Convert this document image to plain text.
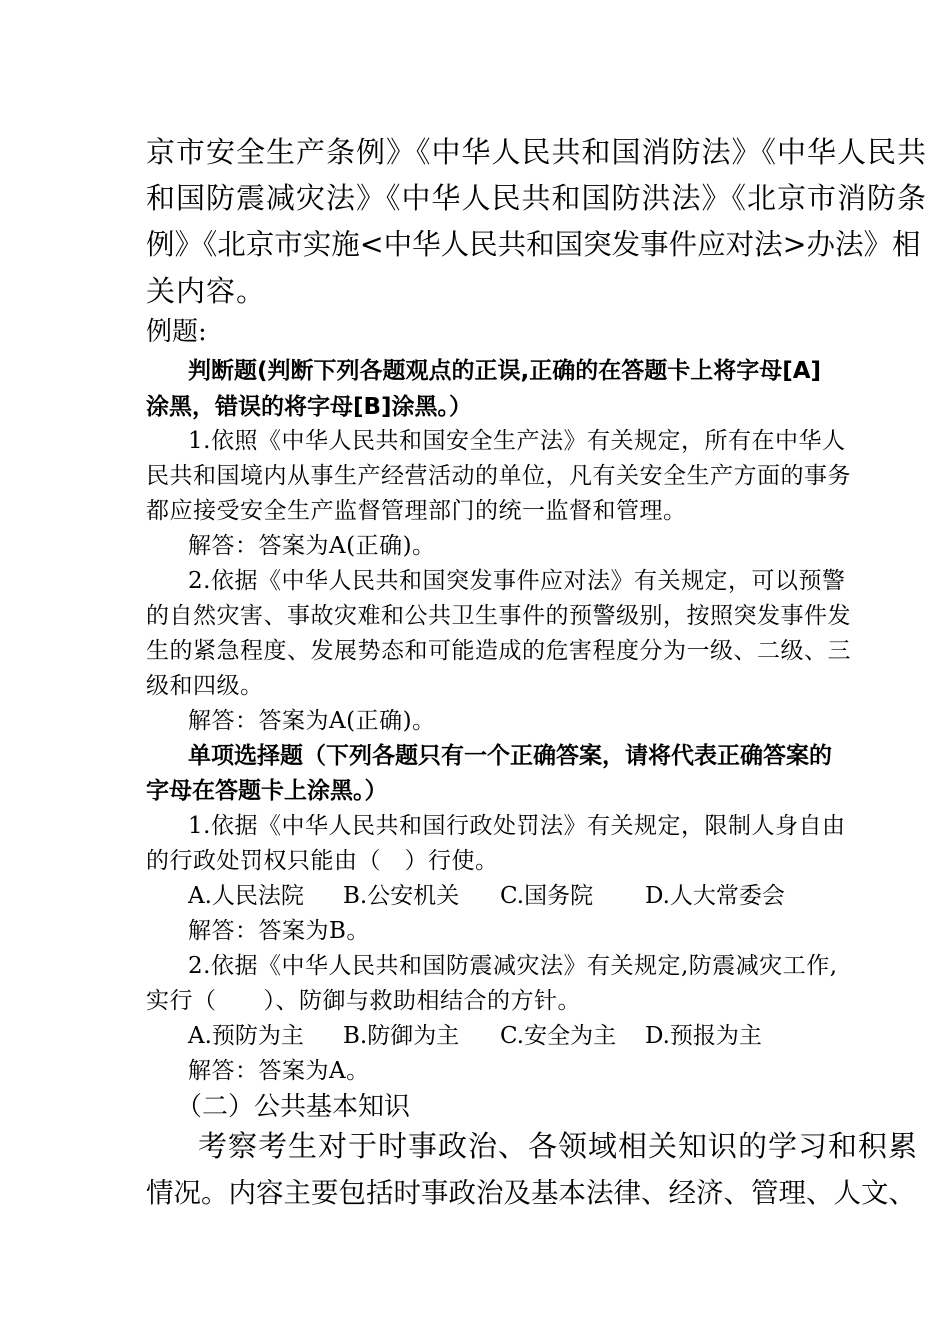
京市安全生产条例》《中华人民共和国消防法》《中华人民共
和国防震减灾法》《中华人民共和国防洪法》《北京市消防条
例》《北京市实施<中华人民共和国突发事件应对法>办法》相
关内容。
例题:
判断题(判断下列各题观点的正误,正确的在答题卡上将字母[A]
涂黑，错误的将字母[B]涂黑。）
1.依照《中华人民共和国安全生产法》有关规定，所有在中华人
民共和国境内从事生产经营活动的单位，凡有关安全生产方面的事务
都应接受安全生产监督管理部门的统一监督和管理。
解答：答案为A(正确)。
2.依据《中华人民共和国突发事件应对法》有关规定，可以预警
的自然灾害、事故灾难和公共卫生事件的预警级别，按照突发事件发
生的紧急程度、发展势态和可能造成的危害程度分为一级、二级、三
级和四级。
解答：答案为A(正确)。
单项选择题（下列各题只有一个正确答案，请将代表正确答案的
字母在答题卡上涂黑。）
1.依据《中华人民共和国行政处罚法》有关规定，限制人身自由
的行政处罚权只能由（　）行使。
A.人民法院 B.公安机关 C.国务院 D.人大常委会
解答：答案为B。
2.依据《中华人民共和国防震减灾法》有关规定,防震减灾工作,
实行（　　）、防御与救助相结合的方针。
A.预防为主 B.防御为主 C.安全为主 D.预报为主
解答：答案为A。
（二）公共基本知识
考察考生对于时事政治、各领域相关知识的学习和积累
情况。内容主要包括时事政治及基本法律、经济、管理、人文、
